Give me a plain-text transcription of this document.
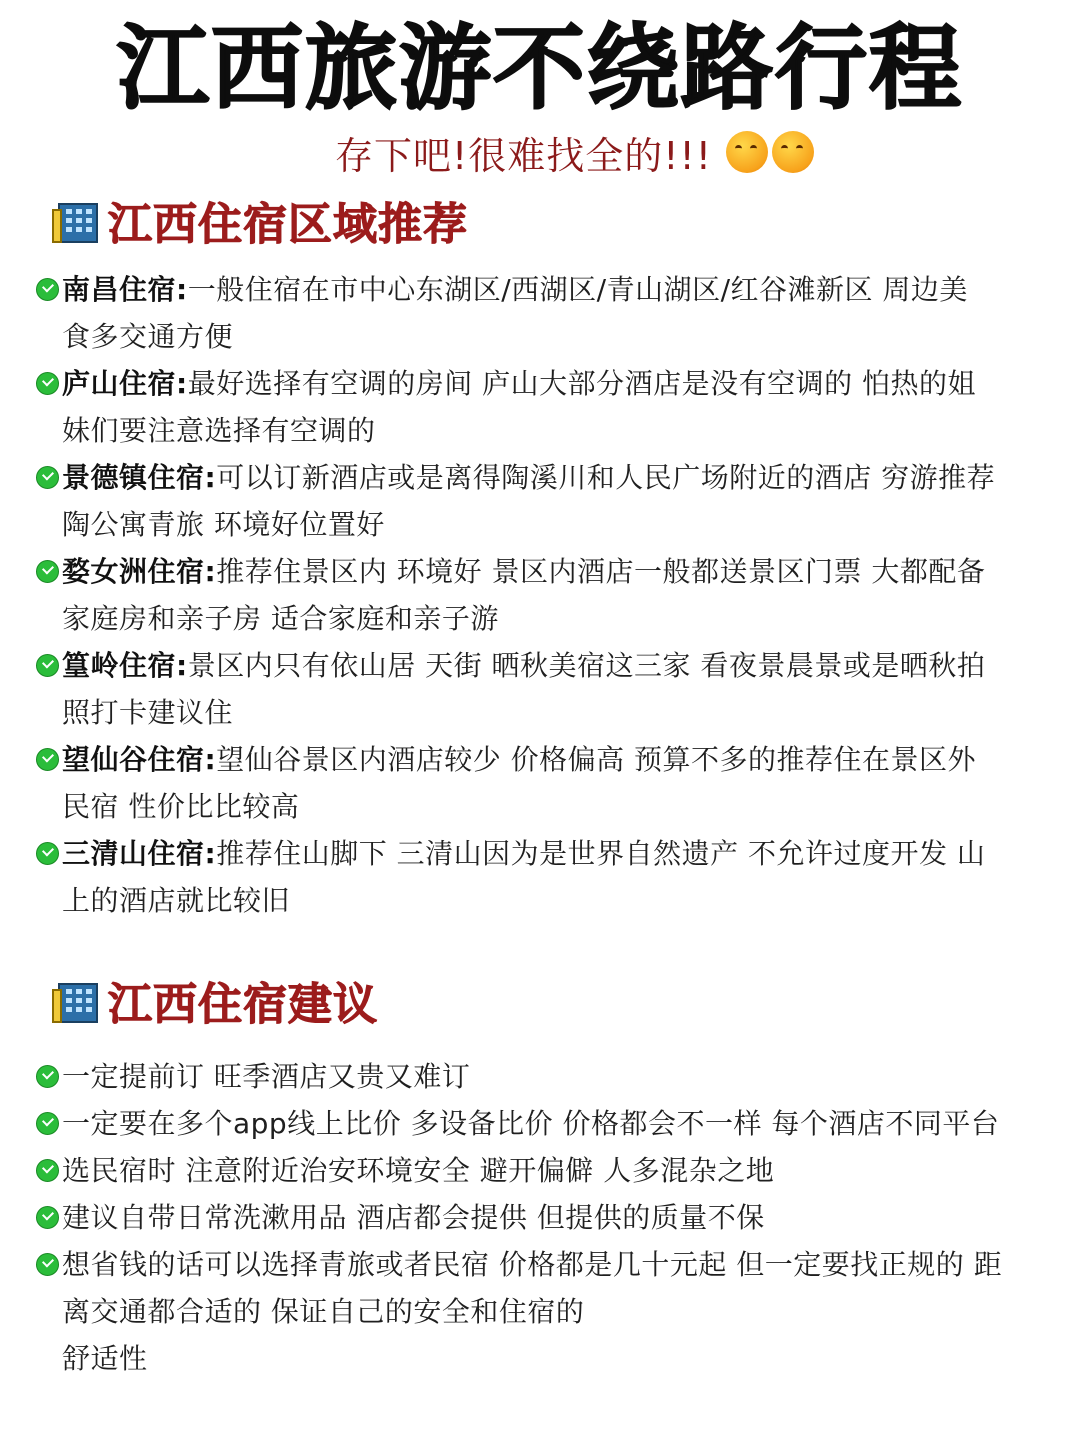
江西旅游不绕路行程
存下吧!很难找全的!!!
江西住宿区域推荐
南昌住宿:一般住宿在市中心东湖区/西湖区/青山湖区/红谷滩新区 周边美
食多交通方便
庐山住宿:最好选择有空调的房间 庐山大部分酒店是没有空调的 怕热的姐
妹们要注意选择有空调的
景德镇住宿:可以订新酒店或是离得陶溪川和人民广场附近的酒店 穷游推荐
陶公寓青旅 环境好位置好
婺女洲住宿:推荐住景区内 环境好 景区内酒店一般都送景区门票 大都配备
家庭房和亲子房 适合家庭和亲子游
篁岭住宿:景区内只有依山居 天街 晒秋美宿这三家 看夜景晨景或是晒秋拍
照打卡建议住
望仙谷住宿:望仙谷景区内酒店较少 价格偏高 预算不多的推荐住在景区外
民宿 性价比比较高
三清山住宿:推荐住山脚下 三清山因为是世界自然遗产 不允许过度开发 山
上的酒店就比较旧
江西住宿建议
一定提前订 旺季酒店又贵又难订
一定要在多个app线上比价 多设备比价 价格都会不一样 每个酒店不同平台
选民宿时 注意附近治安环境安全 避开偏僻 人多混杂之地
建议自带日常洗漱用品 酒店都会提供 但提供的质量不保
想省钱的话可以选择青旅或者民宿 价格都是几十元起 但一定要找正规的 距
离交通都合适的 保证自己的安全和住宿的
舒适性
